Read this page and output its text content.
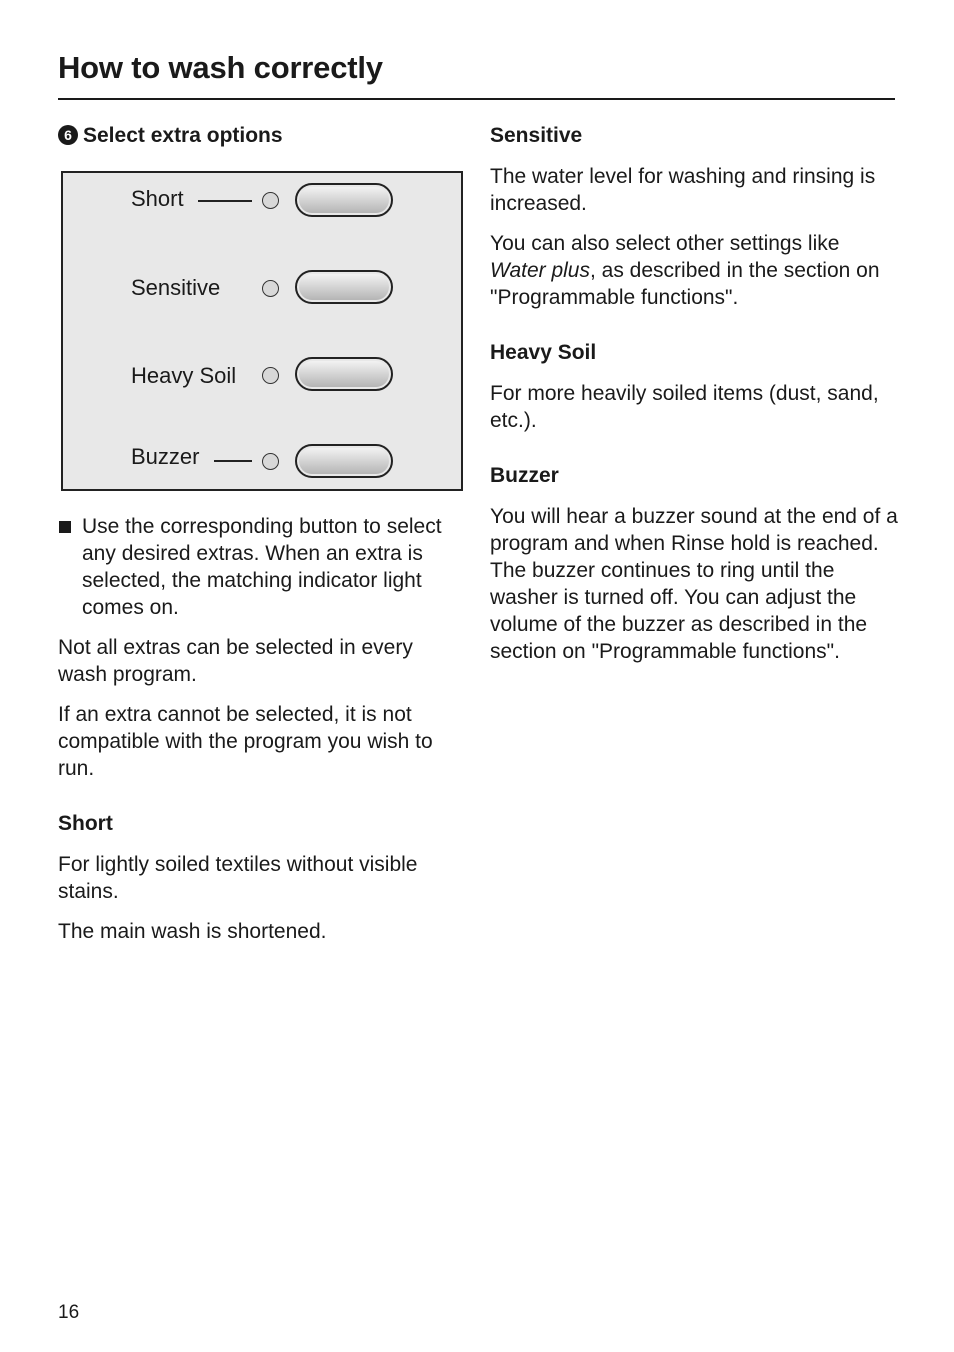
How to wash correctly
6 Select extra options
Short
Sensitive
Heavy Soil
Buzzer
Use the corresponding button to select any desired extras. When an extra is selected, the matching indicator light comes on.

Not all extras can be selected in every wash program.

If an extra cannot be selected, it is not compatible with the program you wish to run.

Short

For lightly soiled textiles without visible stains.

The main wash is shortened.

Sensitive

The water level for washing and rinsing is increased.

You can also select other settings like Water plus, as described in the section on "Programmable functions".

Heavy Soil

For more heavily soiled items (dust, sand, etc.).

Buzzer

You will hear a buzzer sound at the end of a program and when Rinse hold is reached. The buzzer continues to ring until the washer is turned off. You can adjust the volume of the buzzer as described in the section on "Programmable functions".

16
